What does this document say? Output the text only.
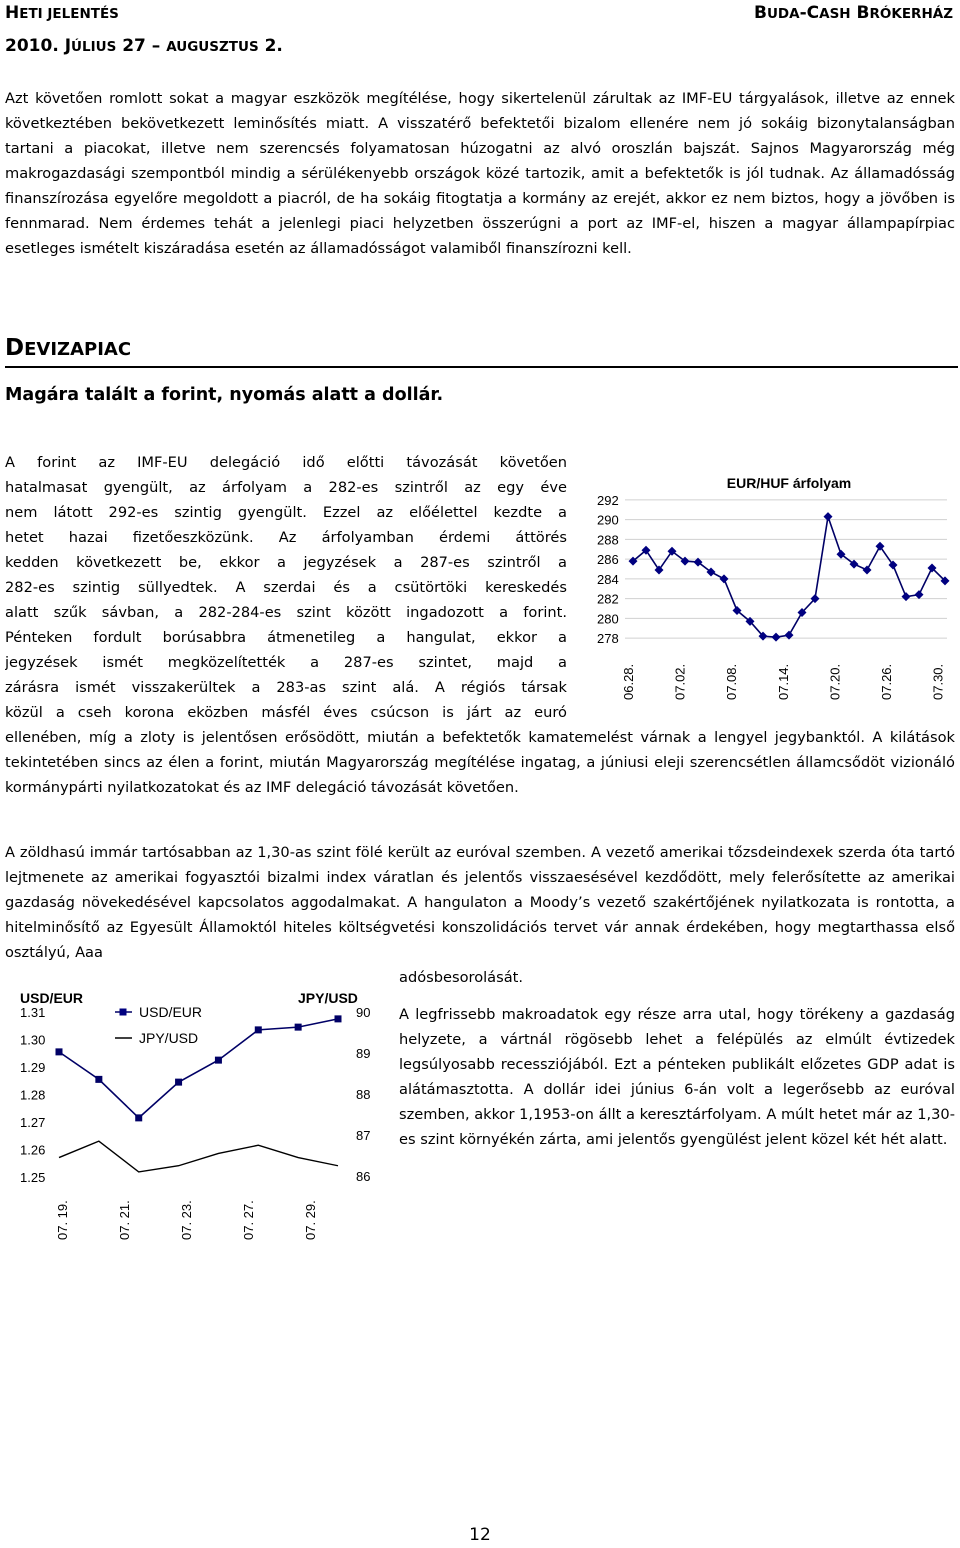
HETI JELENTÉS	BUDA-CASH BRÓKERHÁZ
2010. JÚLIUS 27 – AUGUSZTUS 2.

Azt követően romlott sokat a magyar eszközök megítélése, hogy sikertelenül zárultak az IMF-EU tárgyalások, illetve az ennek következtében bekövetkezett leminősítés miatt. A visszatérő befektetői bizalom ellenére nem jó sokáig bizonytalanságban tartani a piacokat, illetve nem szerencsés folyamatosan húzogatni az alvó oroszlán bajszát. Sajnos Magyarország még makrogazdasági szempontból mindig a sérülékenyebb országok közé tartozik, amit a befektetők is jól tudnak. Az államadósság finanszírozása egyelőre megoldott a piacról, de ha sokáig fitogtatja a kormány az erejét, akkor ez nem biztos, hogy a jövőben is fennmarad. Nem érdemes tehát a jelenlegi piaci helyzetben összerúgni a port az IMF-el, hiszen a magyar állampapírpiac esetleges ismételt kiszáradása esetén az államadósságot valamiből finanszírozni kell.

DEVIZAPIAC
Magára talált a forint, nyomás alatt a dollár.
A forint az IMF-EU delegáció idő előtti távozását követően
hatalmasat gyengült, az árfolyam a 282-es szintről az egy éve
nem látott 292-es szintig gyengült. Ezzel az előélettel kezdte a
hetet hazai fizetőeszközünk. Az árfolyamban érdemi áttörés
kedden következett be, ekkor a jegyzések a 287-es szintről a
282-es szintig süllyedtek. A szerdai és a csütörtöki kereskedés
alatt szűk sávban, a 282-284-es szint között ingadozott a forint.
Pénteken fordult borúsabbra átmenetileg a hangulat, ekkor a
jegyzések ismét megközelítették a 287-es szintet, majd a
zárásra ismét visszakerültek a 283-as szint alá. A régiós társak
közül a cseh korona eközben másfél éves csúcson is járt az euró

ellenében, míg a zloty is jelentősen erősödött, miután a befektetők kamatemelést várnak a lengyel jegybanktól. A kilátások tekintetében sincs az élen a forint, miután Magyarország megítélése ingatag, a júniusi eleji szerencsétlen államcsődöt vizionáló kormánypárti nyilatkozatokat és az IMF delegáció távozását követően.

292
290
288
286
284
282
280
278
06.28.	07.02.	07.08.	07.14.	07.20.	07.26.	07.30.
EUR/HUF árfolyam

A zöldhasú immár tartósabban az 1,30-as szint fölé került az euróval szemben. A vezető amerikai tőzsdeindexek szerda óta tartó lejtmenete az amerikai fogyasztói bizalmi index váratlan és jelentős visszaesésével kezdődött, mely felerősítette az amerikai gazdaság növekedésével kapcsolatos aggodalmakat. A hangulaton a Moody’s vezető szakértőjének nyilatkozata is rontotta, a hitelminősítő az Egyesült Államoktól hiteles költségvetési konszolidációs tervet vár annak érdekében, hogy megtarthassa első osztályú, Aaa

adósbesorolását.

USD/EUR	JPY/USD
1.31
1.30
1.29
1.28
1.27
1.26
1.25
90
89
88
87
86
07. 19.	07. 21.	07. 23.	07. 27.	07. 29.
USD/EUR
JPY/USD

A legfrissebb makroadatok egy része arra utal, hogy törékeny a gazdaság helyzete, a vártnál rögösebb lehet a felépülés az elmúlt évtizedek legsúlyosabb recessziójából. Ezt a pénteken publikált előzetes GDP adat is alátámasztotta. A dollár idei június 6-án volt a legerősebb az euróval szemben, akkor 1,1953-on állt a keresztárfolyam. A múlt hetet már az 1,30-es szint környékén zárta, ami jelentős gyengülést jelent közel két hét alatt.

12
